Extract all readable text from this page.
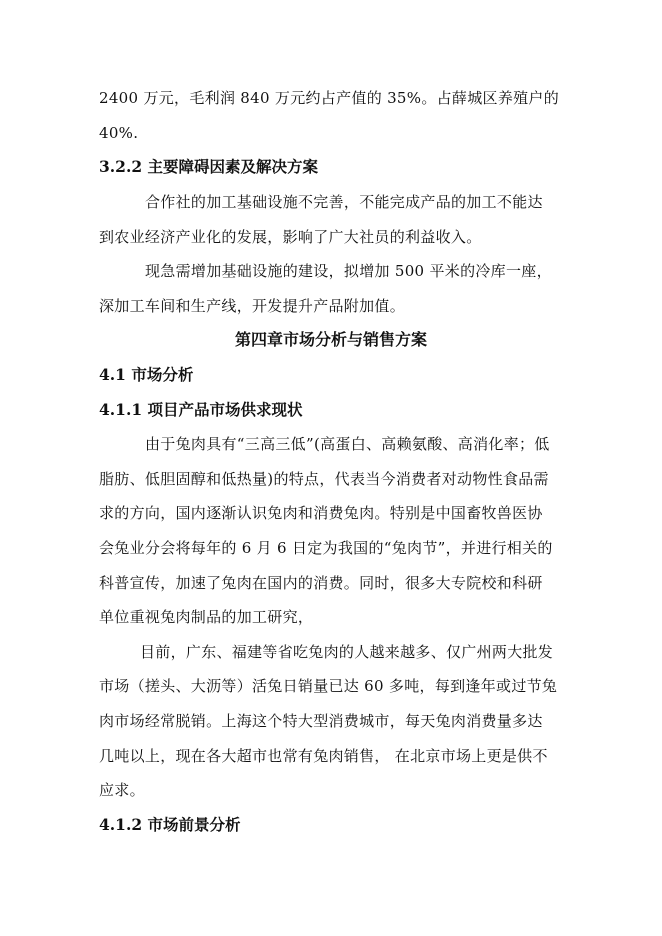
2400 万元，毛利润 840 万元约占产值的 35%。占薛城区养殖户的
40%.
3.2.2 主要障碍因素及解决方案
合作社的加工基础设施不完善，不能完成产品的加工不能达
到农业经济产业化的发展，影响了广大社员的利益收入。
现急需增加基础设施的建设，拟增加 500 平米的冷库一座，
深加工车间和生产线，开发提升产品附加值。
第四章市场分析与销售方案
4.1 市场分析
4.1.1 项目产品市场供求现状
由于兔肉具有“三高三低”(高蛋白、高赖氨酸、高消化率；低
脂肪、低胆固醇和低热量)的特点，代表当今消费者对动物性食品需
求的方向，国内逐渐认识兔肉和消费兔肉。特别是中国畜牧兽医协
会兔业分会将每年的 6 月 6 日定为我国的“兔肉节”，并进行相关的
科普宣传，加速了兔肉在国内的消费。同时，很多大专院校和科研
单位重视兔肉制品的加工研究，
目前，广东、福建等省吃兔肉的人越来越多、仅广州两大批发
市场（搓头、大沥等）活兔日销量已达 60 多吨，每到逢年或过节兔
肉市场经常脱销。上海这个特大型消费城市，每天兔肉消费量多达
几吨以上，现在各大超市也常有兔肉销售， 在北京市场上更是供不
应求。
4.1.2 市场前景分析
